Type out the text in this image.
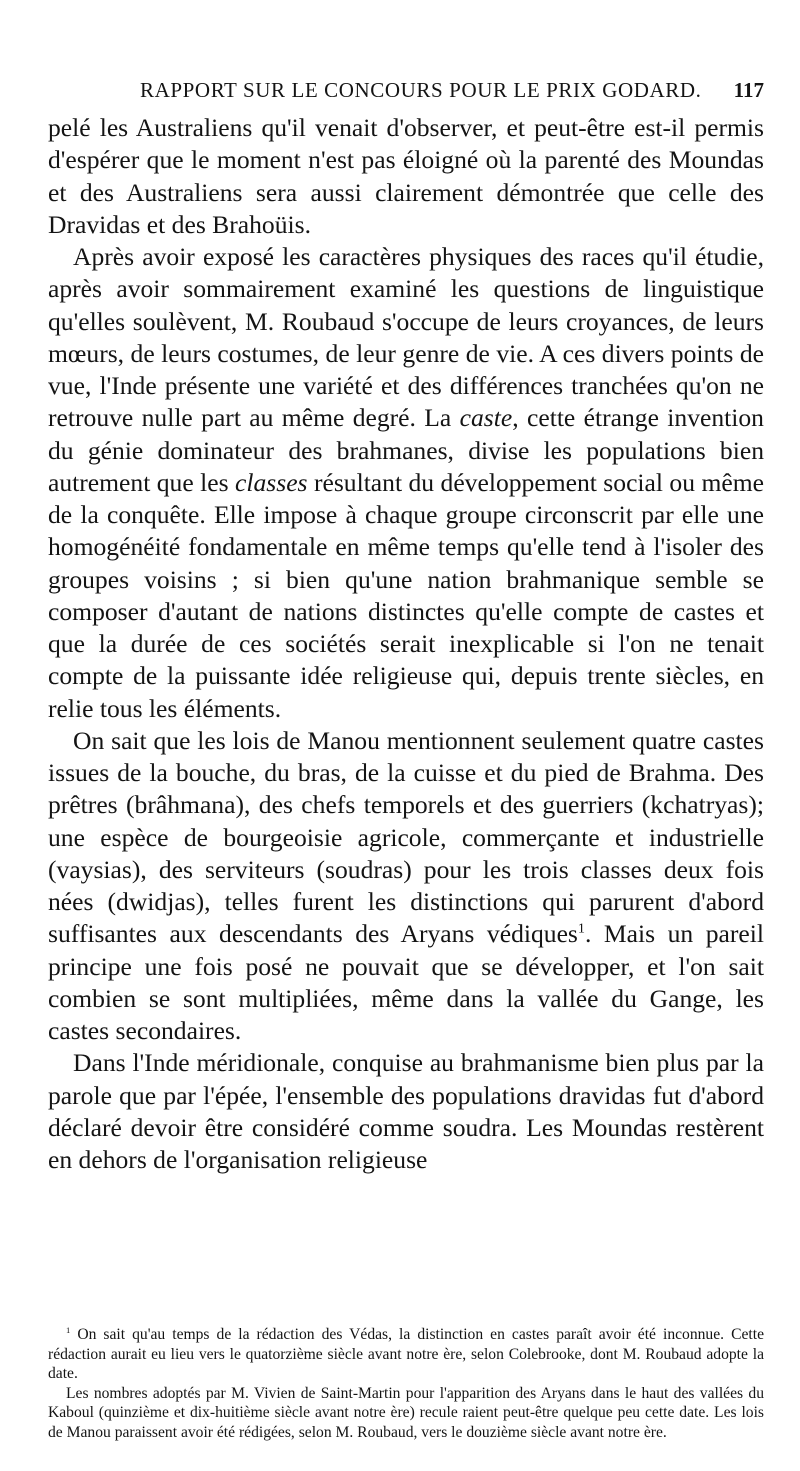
RAPPORT SUR LE CONCOURS POUR LE PRIX GODARD. 117

pelé les Australiens qu'il venait d'observer, et peut-être est-il permis d'espérer que le moment n'est pas éloigné où la parenté des Moundas et des Australiens sera aussi clairement démontrée que celle des Dravidas et des Brahoüis.

Après avoir exposé les caractères physiques des races qu'il étudie, après avoir sommairement examiné les questions de linguistique qu'elles soulèvent, M. Roubaud s'occupe de leurs croyances, de leurs mœurs, de leurs costumes, de leur genre de vie. A ces divers points de vue, l'Inde présente une variété et des différences tranchées qu'on ne retrouve nulle part au même degré. La caste, cette étrange invention du génie dominateur des brahmanes, divise les populations bien autrement que les classes résultant du développement social ou même de la conquête. Elle impose à chaque groupe circonscrit par elle une homogénéité fondamentale en même temps qu'elle tend à l'isoler des groupes voisins ; si bien qu'une nation brahmanique semble se composer d'autant de nations distinctes qu'elle compte de castes et que la durée de ces sociétés serait inexplicable si l'on ne tenait compte de la puissante idée religieuse qui, depuis trente siècles, en relie tous les éléments.

On sait que les lois de Manou mentionnent seulement quatre castes issues de la bouche, du bras, de la cuisse et du pied de Brahma. Des prêtres (brâhmana), des chefs temporels et des guerriers (kchatryas); une espèce de bourgeoisie agricole, commerçante et industrielle (vaysias), des serviteurs (soudras) pour les trois classes deux fois nées (dwidjas), telles furent les distinctions qui parurent d'abord suffisantes aux descendants des Aryans védiques$^1$. Mais un pareil principe une fois posé ne pouvait que se développer, et l'on sait combien se sont multipliées, même dans la vallée du Gange, les castes secondaires.

Dans l'Inde méridionale, conquise au brahmanisme bien plus par la parole que par l'épée, l'ensemble des populations dravidas fut d'abord déclaré devoir être considéré comme soudra. Les Moundas restèrent en dehors de l'organisation religieuse

$^1$ On sait qu'au temps de la rédaction des Védas, la distinction en castes paraît avoir été inconnue. Cette rédaction aurait eu lieu vers le quatorzième siècle avant notre ère, selon Colebrooke, dont M. Roubaud adopte la date.

Les nombres adoptés par M. Vivien de Saint-Martin pour l'apparition des Aryans dans le haut des vallées du Kaboul (quinzième et dix-huitième siècle avant notre ère) recule raient peut-être quelque peu cette date. Les lois de Manou paraissent avoir été rédigées, selon M. Roubaud, vers le douzième siècle avant notre ère.
